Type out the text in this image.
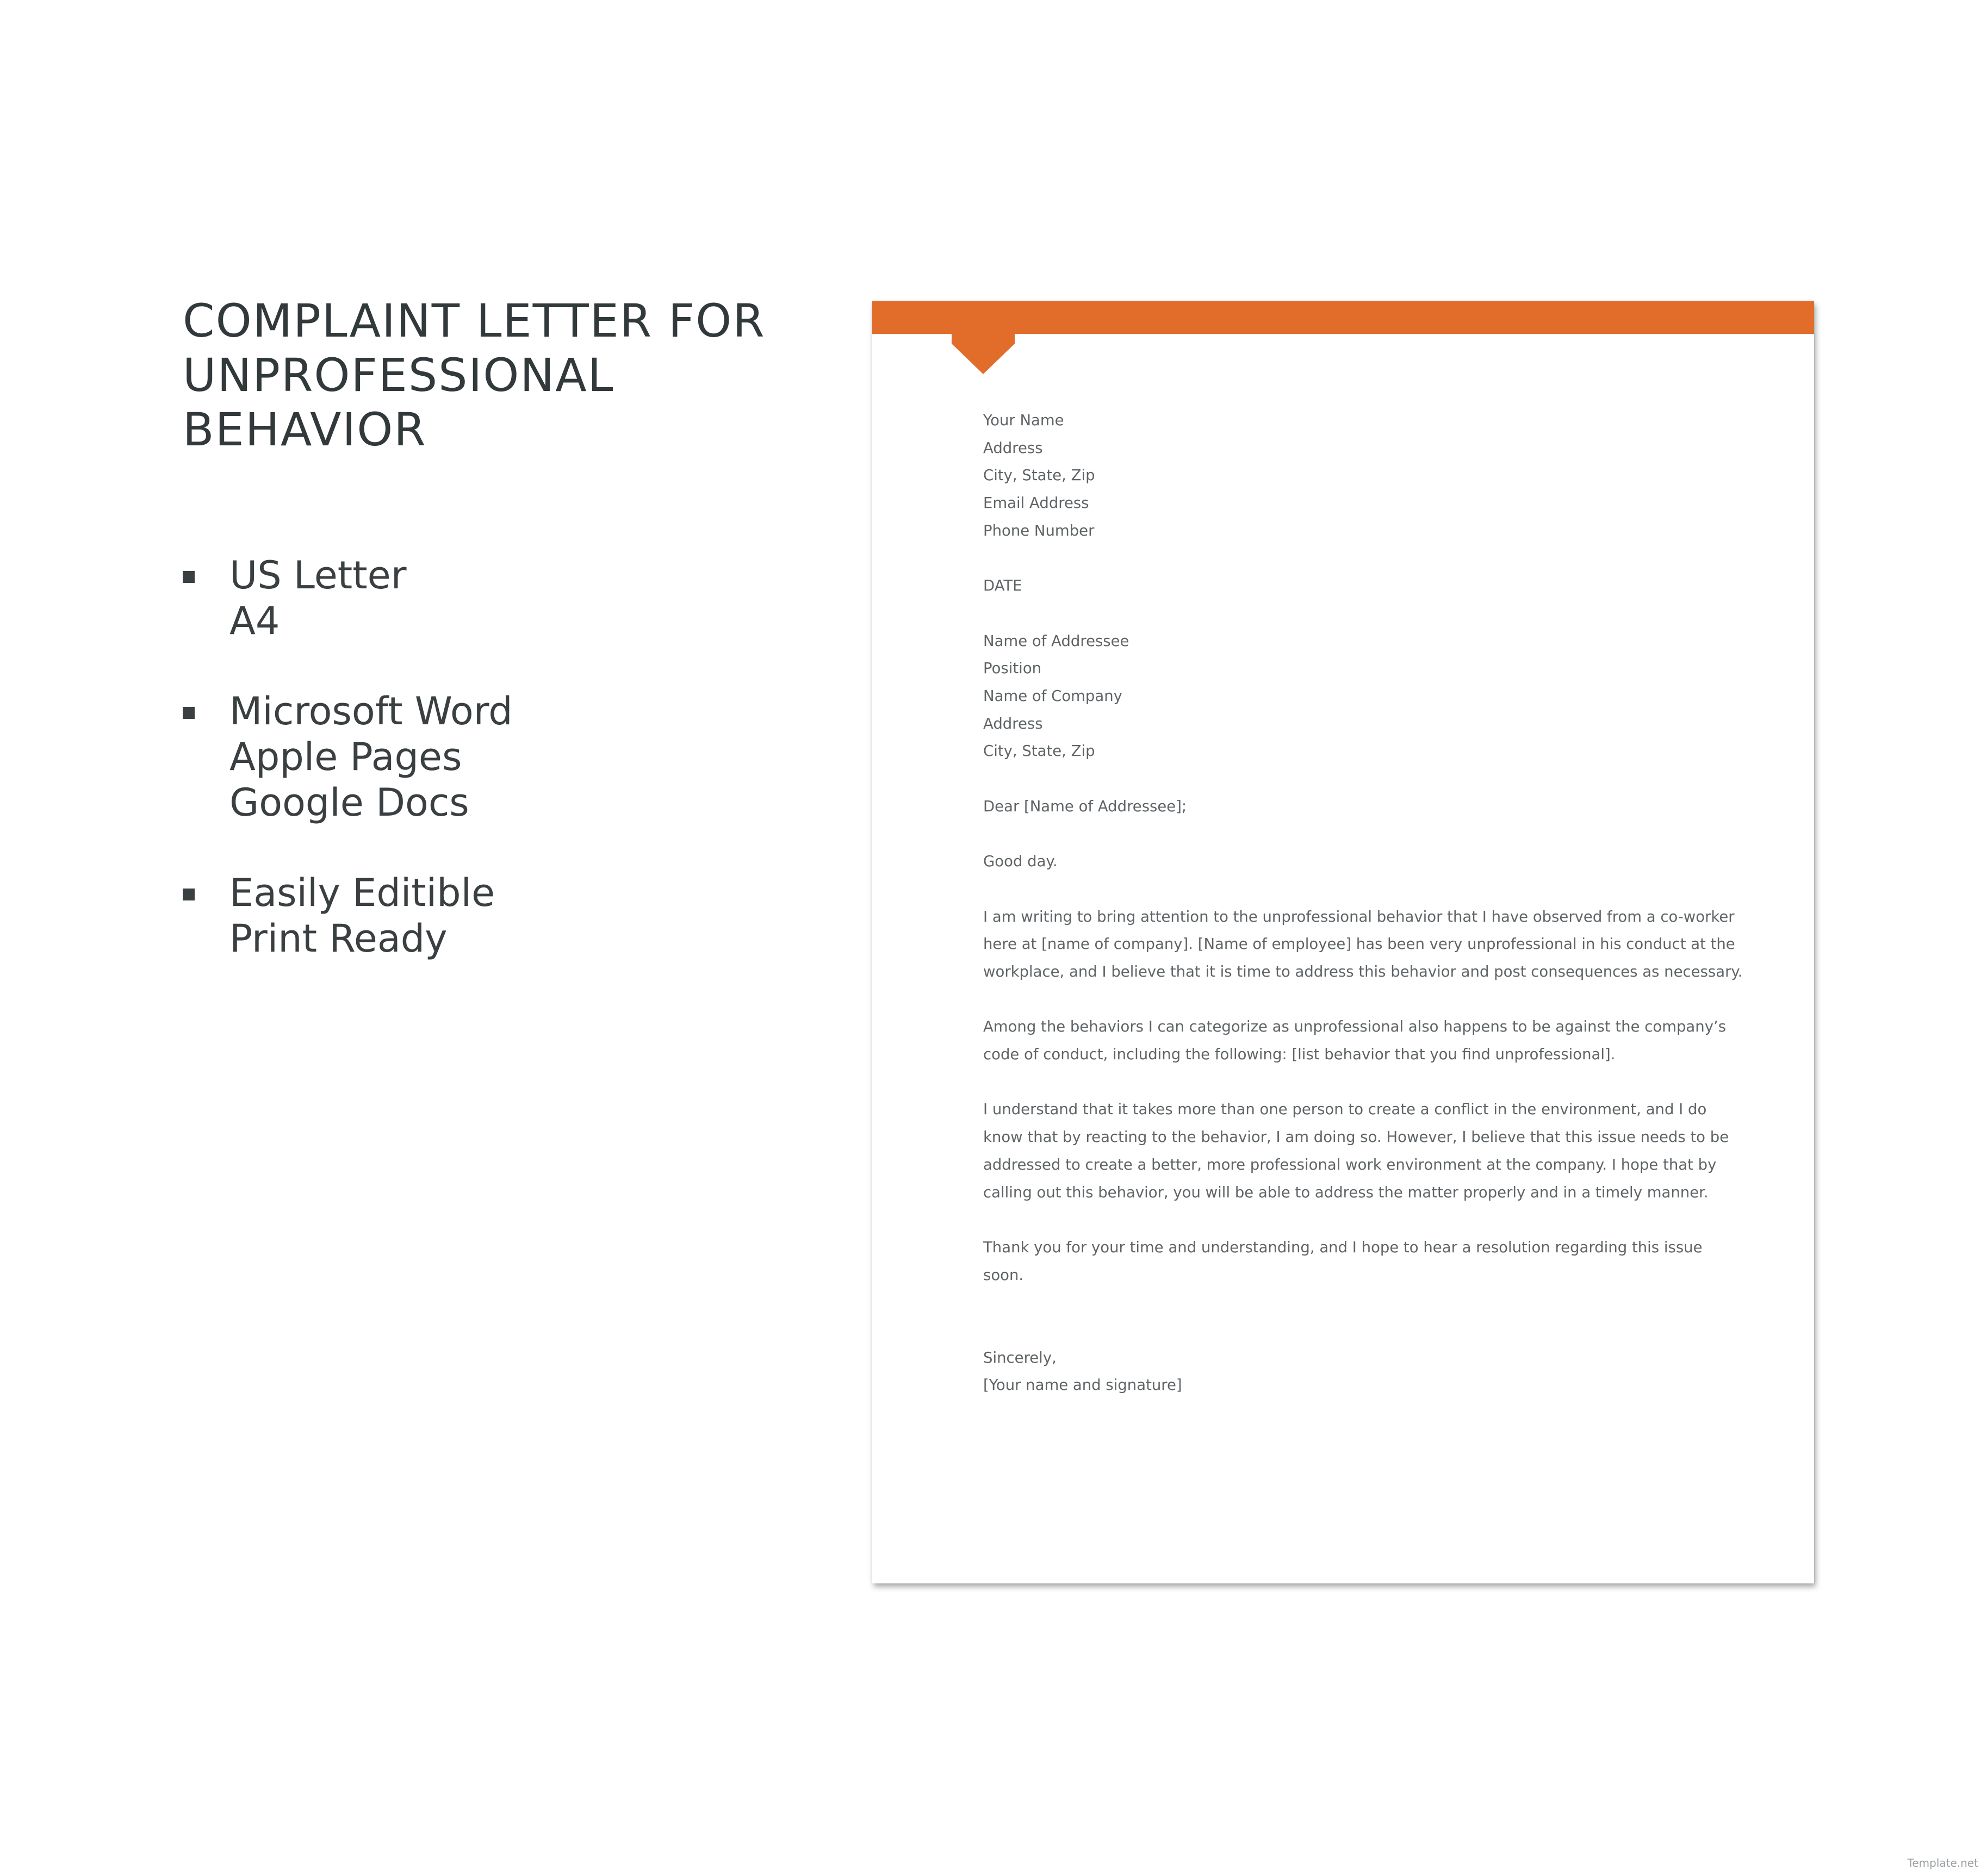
COMPLAINT LETTER FOR
UNPROFESSIONAL BEHAVIOR
US Letter
A4
Microsoft Word
Apple Pages
Google Docs
Easily Editible
Print Ready
Your Name
Address
City, State, Zip
Email Address
Phone Number
DATE
Name of Addressee
Position
Name of Company
Address
City, State, Zip
Dear [Name of Addressee];
Good day.
I am writing to bring attention to the unprofessional behavior that I have observed from a co-worker
here at [name of company]. [Name of employee] has been very unprofessional in his conduct at the
workplace, and I believe that it is time to address this behavior and post consequences as necessary.
Among the behaviors I can categorize as unprofessional also happens to be against the company’s
code of conduct, including the following: [list behavior that you find unprofessional].
I understand that it takes more than one person to create a conflict in the environment, and I do
know that by reacting to the behavior, I am doing so. However, I believe that this issue needs to be
addressed to create a better, more professional work environment at the company. I hope that by
calling out this behavior, you will be able to address the matter properly and in a timely manner.
Thank you for your time and understanding, and I hope to hear a resolution regarding this issue
soon.
Sincerely,
[Your name and signature]
Template.net
